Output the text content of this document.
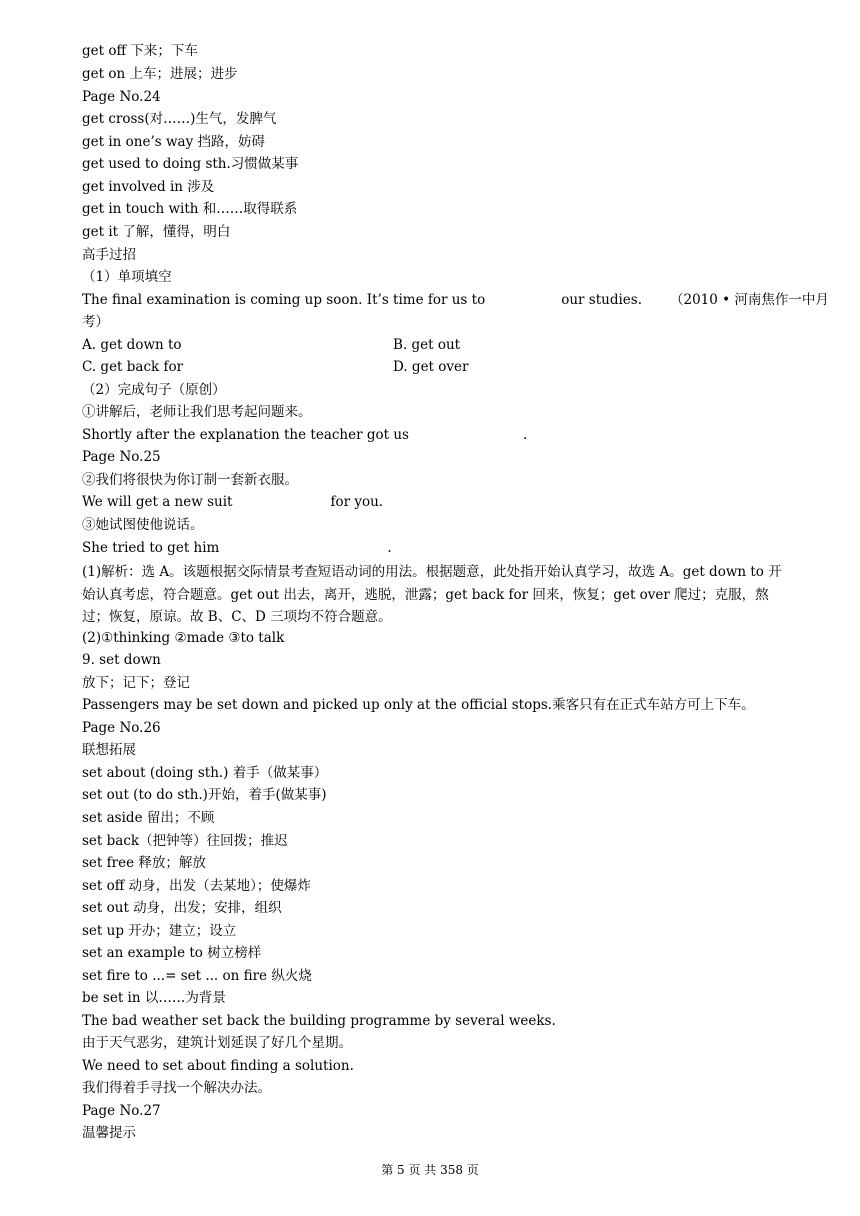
get off 下来；下车
get on 上车；进展；进步
Page No.24
get cross(对……)生气，发脾气
get in one’s way 挡路，妨碍
get used to doing sth.习惯做某事
get involved in 涉及
get in touch with 和……取得联系
get it 了解，懂得，明白
高手过招
（1）单项填空
The final examination is coming up soon. It’s time for us to	our studies. （2010 • 河南焦作一中月
考）
A. get down to	B. get out
C. get back for	D. get over
（2）完成句子（原创）
①讲解后，老师让我们思考起问题来。
Shortly after the explanation the teacher got us	.
Page No.25
②我们将很快为你订制一套新衣服。
We will get a new suit	for you.
③她试图使他说话。
She tried to get him	.
(1)解析：选 A。该题根据交际情景考查短语动词的用法。根据题意，此处指开始认真学习，故选 A。get down to 开始认真考虑，符合题意。get out 出去，离开，逃脱，泄露；get back for 回来，恢复；get over 爬过；克服，熬过；恢复，原谅。故 B、C、D 三项均不符合题意。
(2)①thinking ②made ③to talk
9. set down
放下；记下；登记
Passengers may be set down and picked up only at the official stops.乘客只有在正式车站方可上下车。
Page No.26
联想拓展
set about (doing sth.) 着手（做某事）
set out (to do sth.)开始，着手(做某事)
set aside 留出；不顾
set back（把钟等）往回拨；推迟
set free 释放；解放
set off 动身，出发（去某地）；使爆炸
set out 动身，出发；安排，组织
set up 开办；建立；设立
set an example to 树立榜样
set fire to ...= set ... on fire 纵火烧
be set in 以……为背景
The bad weather set back the building programme by several weeks.
由于天气恶劣，建筑计划延误了好几个星期。
We need to set about finding a solution.
我们得着手寻找一个解决办法。
Page No.27
温馨提示
第 5 页 共 358 页
